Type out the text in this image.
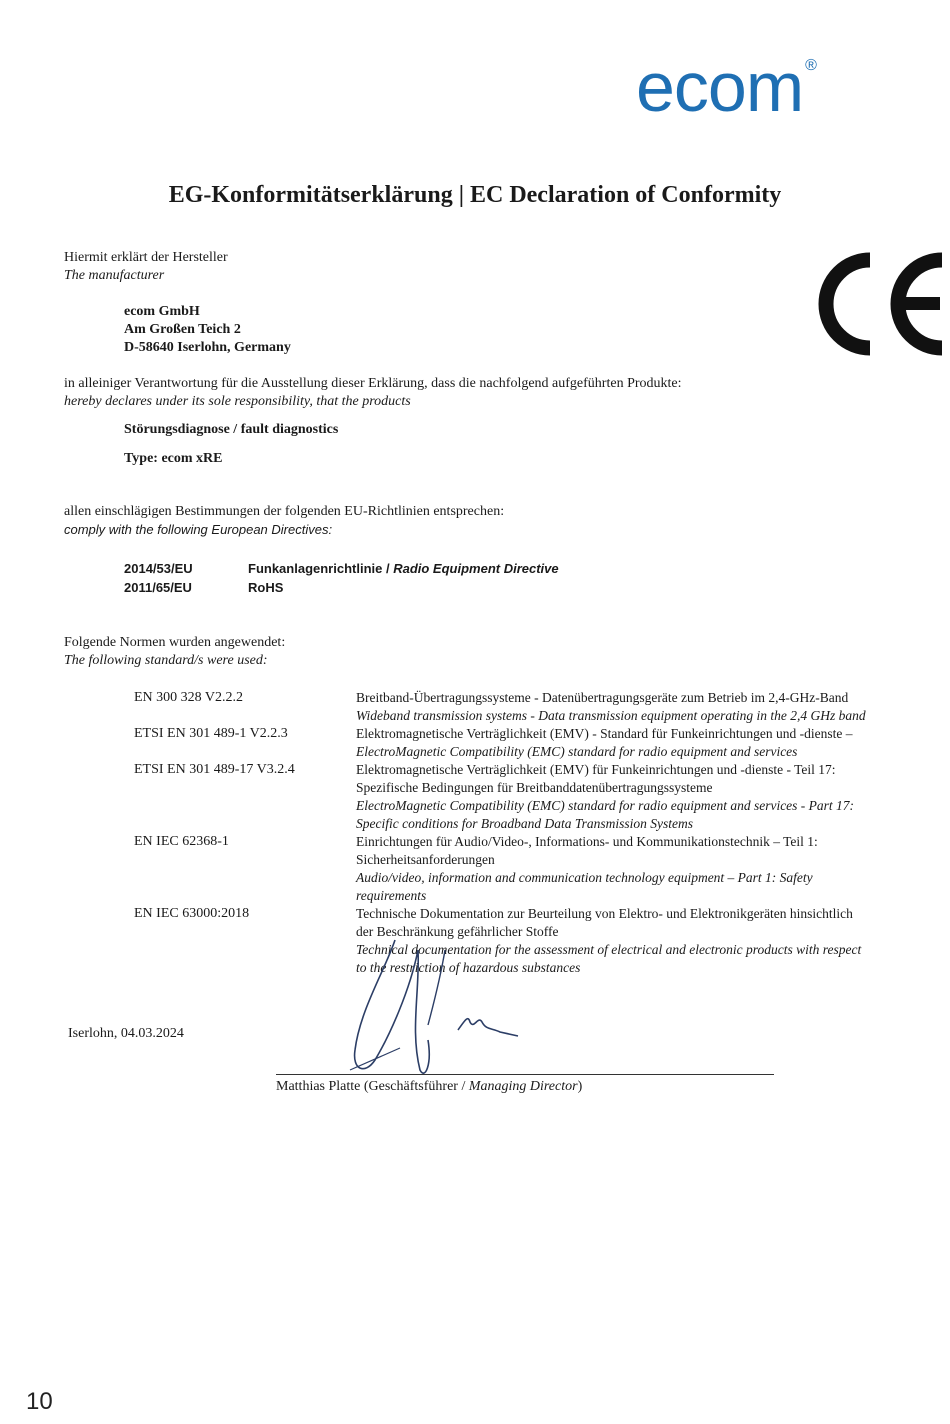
ecom ®
EG-Konformitätserklärung | EC Declaration of Conformity
Hiermit erklärt der Hersteller
The manufacturer
ecom GmbH
Am Großen Teich 2
D-58640 Iserlohn, Germany
in alleiniger Verantwortung für die Ausstellung dieser Erklärung, dass die nachfolgend aufgeführten Produkte:
hereby declares under its sole responsibility, that the products
Störungsdiagnose / fault diagnostics
Type: ecom xRE
allen einschlägigen Bestimmungen der folgenden EU-Richtlinien entsprechen:
comply with the following European Directives:
2014/53/EU	Funkanlagenrichtlinie / Radio Equipment Directive
2011/65/EU	RoHS
Folgende Normen wurden angewendet:
The following standard/s were used:
EN 300 328 V2.2.2	Breitband-Übertragungssysteme - Datenübertragungsgeräte zum Betrieb im 2,4-GHz-Band
Wideband transmission systems - Data transmission equipment operating in the 2,4 GHz band
ETSI EN 301 489-1 V2.2.3	Elektromagnetische Verträglichkeit (EMV) - Standard für Funkeinrichtungen und -dienste –
ElectroMagnetic Compatibility (EMC) standard for radio equipment and services
ETSI EN 301 489-17 V3.2.4	Elektromagnetische Verträglichkeit (EMV) für Funkeinrichtungen und -dienste - Teil 17:
Spezifische Bedingungen für Breitbanddatenübertragungssysteme
ElectroMagnetic Compatibility (EMC) standard for radio equipment and services - Part 17:
Specific conditions for Broadband Data Transmission Systems
EN IEC 62368-1	Einrichtungen für Audio/Video-, Informations- und Kommunikationstechnik – Teil 1:
Sicherheitsanforderungen
Audio/video, information and communication technology equipment – Part 1: Safety
requirements
EN IEC 63000:2018	Technische Dokumentation zur Beurteilung von Elektro- und Elektronikgeräten hinsichtlich
der Beschränkung gefährlicher Stoffe
Technical documentation for the assessment of electrical and electronic products with respect
to the restriction of hazardous substances
Iserlohn, 04.03.2024
Matthias Platte (Geschäftsführer / Managing Director)
10
